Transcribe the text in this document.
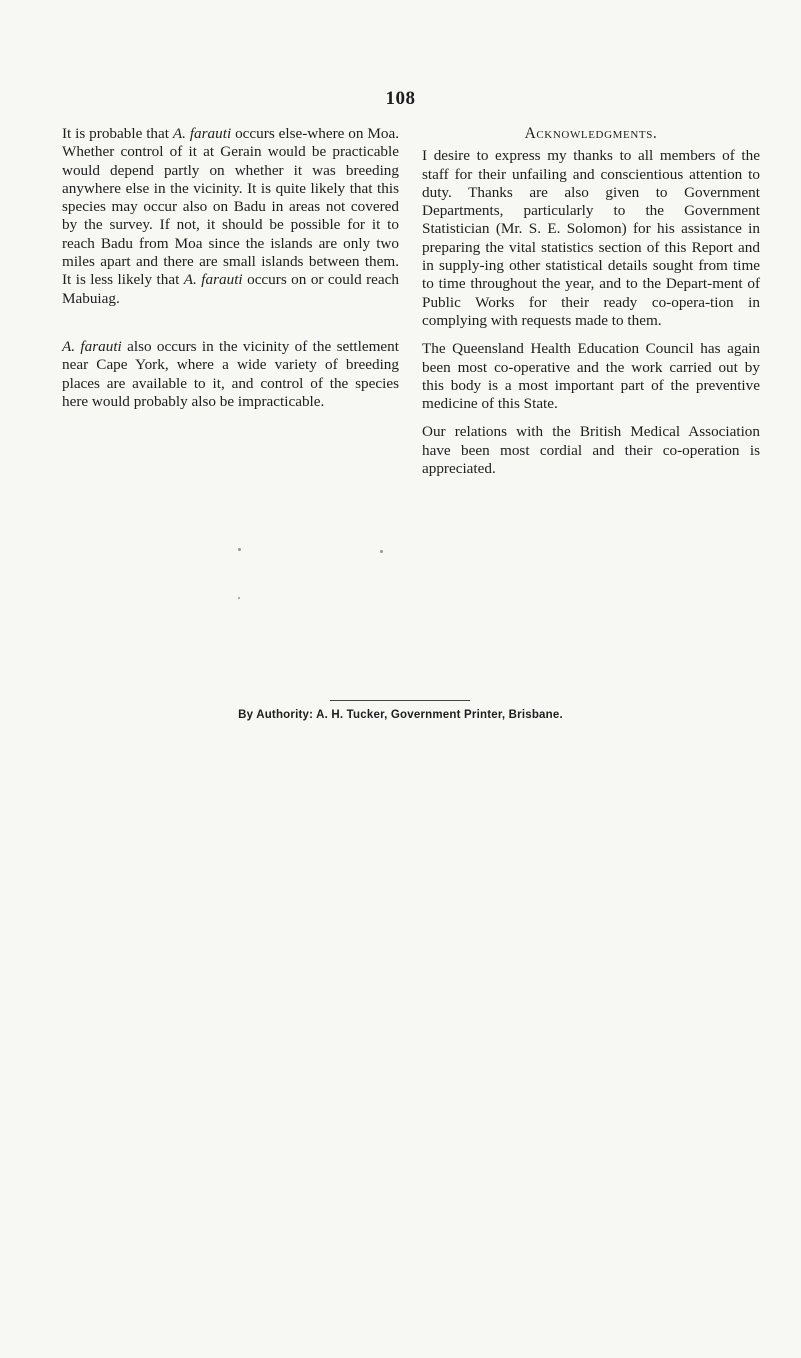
108

It is probable that A. farauti occurs else-where on Moa. Whether control of it at Gerain would be practicable would depend partly on whether it was breeding anywhere else in the vicinity. It is quite likely that this species may occur also on Badu in areas not covered by the survey. If not, it should be possible for it to reach Badu from Moa since the islands are only two miles apart and there are small islands between them. It is less likely that A. farauti occurs on or could reach Mabuiag.

A. farauti also occurs in the vicinity of the settlement near Cape York, where a wide variety of breeding places are available to it, and control of the species here would probably also be impracticable.

Acknowledgments.

I desire to express my thanks to all members of the staff for their unfailing and conscientious attention to duty. Thanks are also given to Government Departments, particularly to the Government Statistician (Mr. S. E. Solomon) for his assistance in preparing the vital statistics section of this Report and in supply-ing other statistical details sought from time to time throughout the year, and to the Depart-ment of Public Works for their ready co-opera-tion in complying with requests made to them.

The Queensland Health Education Council has again been most co-operative and the work carried out by this body is a most important part of the preventive medicine of this State.

Our relations with the British Medical Association have been most cordial and their co-operation is appreciated.

By Authority: A. H. Tucker, Government Printer, Brisbane.
